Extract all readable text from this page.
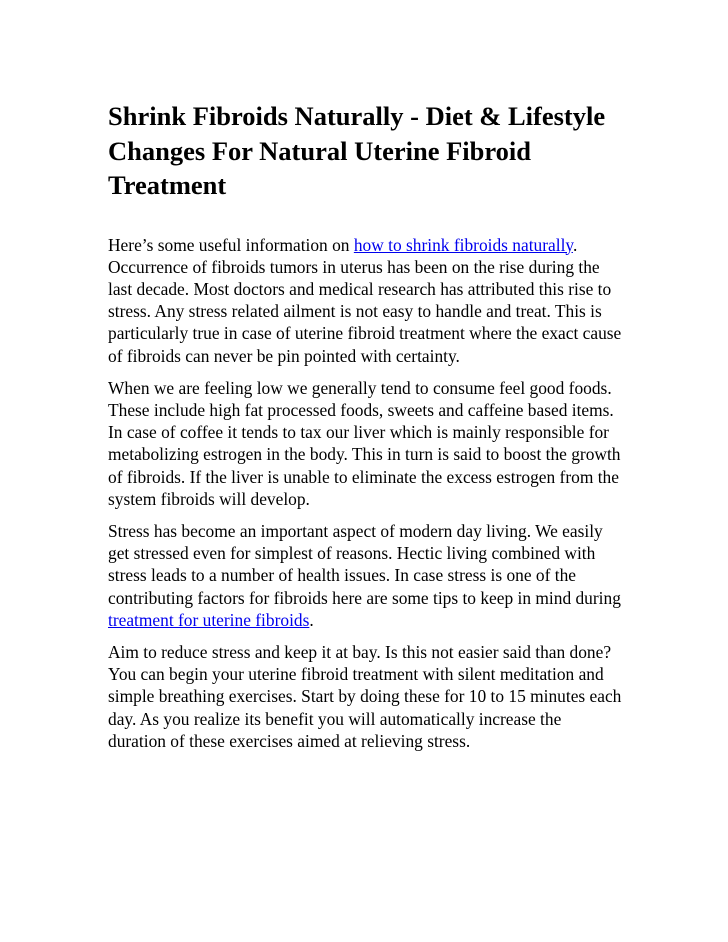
Shrink Fibroids Naturally - Diet & Lifestyle Changes For Natural Uterine Fibroid Treatment

Here’s some useful information on how to shrink fibroids naturally. Occurrence of fibroids tumors in uterus has been on the rise during the last decade. Most doctors and medical research has attributed this rise to stress. Any stress related ailment is not easy to handle and treat. This is particularly true in case of uterine fibroid treatment where the exact cause of fibroids can never be pin pointed with certainty.

When we are feeling low we generally tend to consume feel good foods. These include high fat processed foods, sweets and caffeine based items. In case of coffee it tends to tax our liver which is mainly responsible for metabolizing estrogen in the body. This in turn is said to boost the growth of fibroids. If the liver is unable to eliminate the excess estrogen from the system fibroids will develop.

Stress has become an important aspect of modern day living. We easily get stressed even for simplest of reasons. Hectic living combined with stress leads to a number of health issues. In case stress is one of the contributing factors for fibroids here are some tips to keep in mind during treatment for uterine fibroids.

Aim to reduce stress and keep it at bay. Is this not easier said than done? You can begin your uterine fibroid treatment with silent meditation and simple breathing exercises. Start by doing these for 10 to 15 minutes each day. As you realize its benefit you will automatically increase the duration of these exercises aimed at relieving stress.
